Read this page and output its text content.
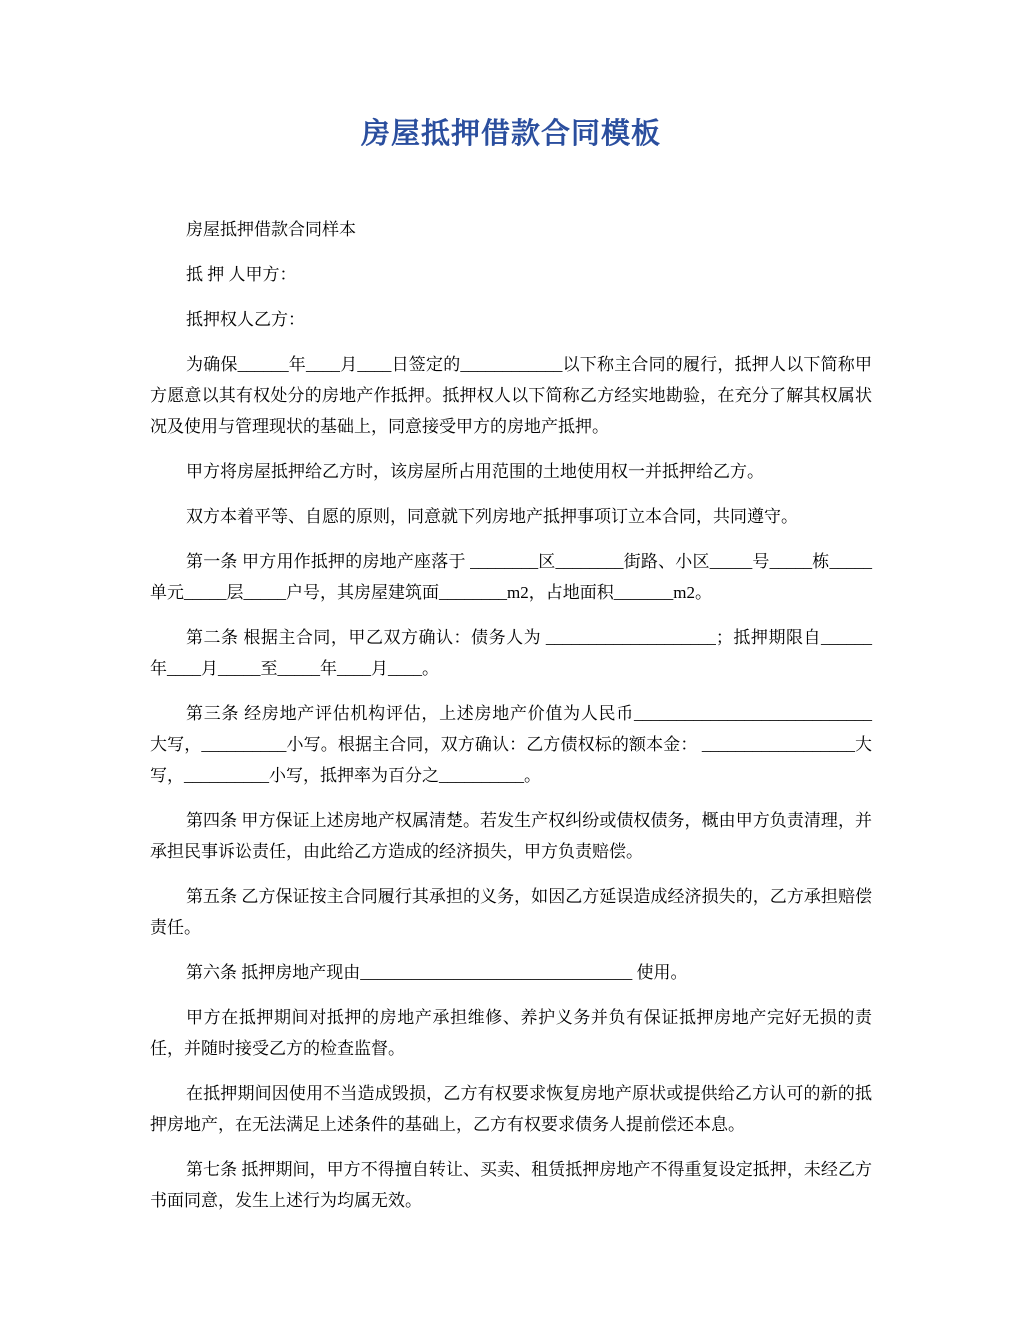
房屋抵押借款合同模板

房屋抵押借款合同样本

抵 押 人甲方：

抵押权人乙方：

为确保______年____月____日签定的____________以下称主合同的履行，抵押人以下简称甲方愿意以其有权处分的房地产作抵押。抵押权人以下简称乙方经实地勘验，在充分了解其权属状况及使用与管理现状的基础上，同意接受甲方的房地产抵押。

甲方将房屋抵押给乙方时，该房屋所占用范围的土地使用权一并抵押给乙方。

双方本着平等、自愿的原则，同意就下列房地产抵押事项订立本合同，共同遵守。

第一条 甲方用作抵押的房地产座落于 ________区________街路、小区_____号_____栋_____单元_____层_____户号，其房屋建筑面________m2，占地面积_______m2。

第二条 根据主合同，甲乙双方确认：债务人为 ____________________；抵押期限自______年____月_____至_____年____月____。

第三条 经房地产评估机构评估，上述房地产价值为人民币____________________________ 大写，__________小写。根据主合同，双方确认：乙方债权标的额本金： __________________大写，__________小写，抵押率为百分之__________。

第四条 甲方保证上述房地产权属清楚。若发生产权纠纷或债权债务，概由甲方负责清理，并承担民事诉讼责任，由此给乙方造成的经济损失，甲方负责赔偿。

第五条 乙方保证按主合同履行其承担的义务，如因乙方延误造成经济损失的，乙方承担赔偿责任。

第六条 抵押房地产现由________________________________ 使用。

甲方在抵押期间对抵押的房地产承担维修、养护义务并负有保证抵押房地产完好无损的责任，并随时接受乙方的检查监督。

在抵押期间因使用不当造成毁损，乙方有权要求恢复房地产原状或提供给乙方认可的新的抵押房地产，在无法满足上述条件的基础上，乙方有权要求债务人提前偿还本息。

第七条 抵押期间，甲方不得擅自转让、买卖、租赁抵押房地产不得重复设定抵押，未经乙方书面同意，发生上述行为均属无效。
